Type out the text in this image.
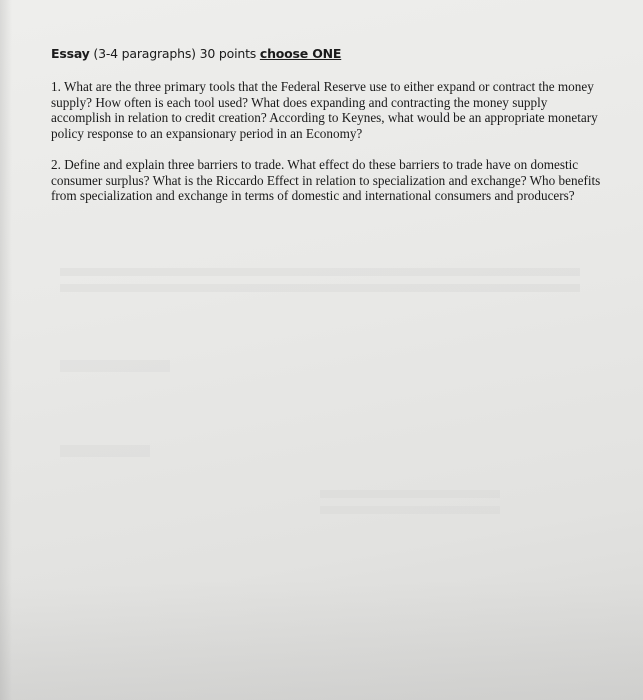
Essay (3-4 paragraphs) 30 points choose ONE

1. What are the three primary tools that the Federal Reserve use to either expand or contract the money supply? How often is each tool used? What does expanding and contracting the money supply accomplish in relation to credit creation? According to Keynes, what would be an appropriate monetary policy response to an expansionary period in an Economy?

2. Define and explain three barriers to trade. What effect do these barriers to trade have on domestic consumer surplus? What is the Riccardo Effect in relation to specialization and exchange? Who benefits from specialization and exchange in terms of domestic and international consumers and producers?
